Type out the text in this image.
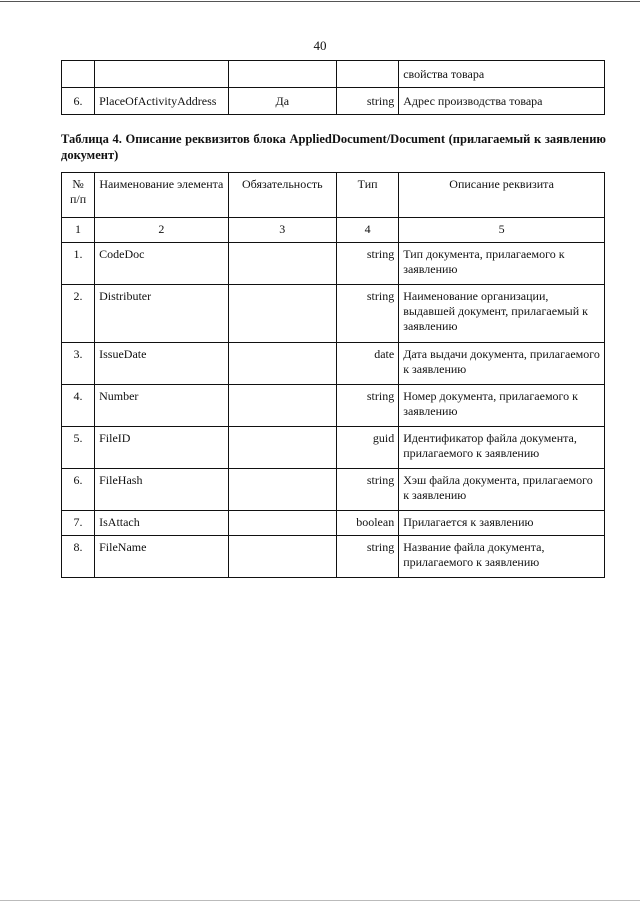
40
				свойства товара
6.	PlaceOfActivityAddress	Да	string	Адрес производства товара
Таблица 4. Описание реквизитов блока AppliedDocument/Document (прилагаемый к заявлению документ)
№ п/п	Наименование элемента	Обязательность	Тип	Описание реквизита
1	2	3	4	5
1.	CodeDoc		string	Тип документа, прилагаемого к заявлению
2.	Distributer		string	Наименование организации, выдавшей документ, прилагаемый к заявлению
3.	IssueDate		date	Дата выдачи документа, прилагаемого к заявлению
4.	Number		string	Номер документа, прилагаемого к заявлению
5.	FileID		guid	Идентификатор файла документа, прилагаемого к заявлению
6.	FileHash		string	Хэш файла документа, прилагаемого к заявлению
7.	IsAttach		boolean	Прилагается к заявлению
8.	FileName		string	Название файла документа, прилагаемого к заявлению
